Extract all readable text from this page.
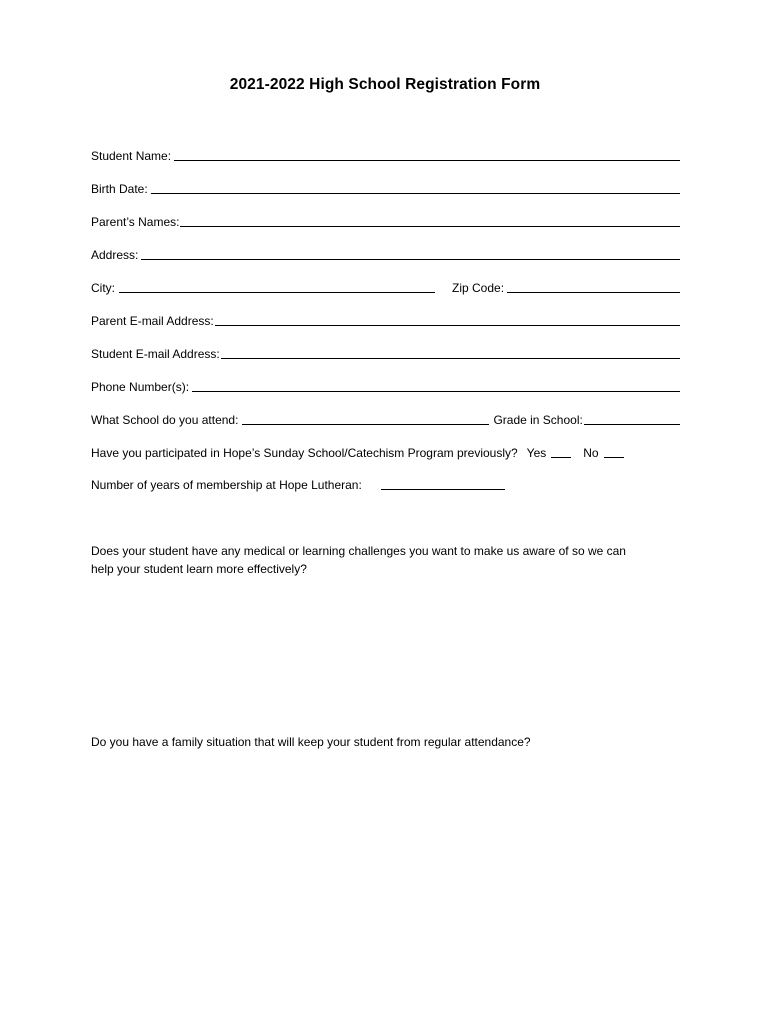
2021-2022 High School Registration Form
Student Name:
Birth Date:
Parent’s Names:
Address:
City:	Zip Code:
Parent E-mail Address:
Student E-mail Address:
Phone Number(s):
What School do you attend:	Grade in School:
Have you participated in Hope’s Sunday School/Catechism Program previously? Yes	No
Number of years of membership at Hope Lutheran:
Does your student have any medical or learning challenges you want to make us aware of so we can
help your student learn more effectively?
Do you have a family situation that will keep your student from regular attendance?
